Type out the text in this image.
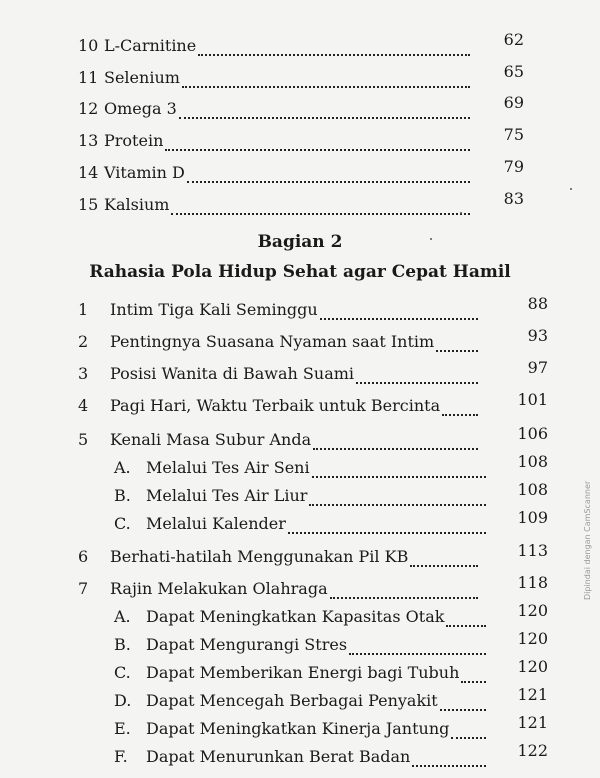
10 L-Carnitine	62
11 Selenium	65
12 Omega 3	69
13 Protein	75
14 Vitamin D	79
15 Kalsium	83
Bagian 2
Rahasia Pola Hidup Sehat agar Cepat Hamil
1 Intim Tiga Kali Seminggu	88
2 Pentingnya Suasana Nyaman saat Intim	93
3 Posisi Wanita di Bawah Suami	97
4 Pagi Hari, Waktu Terbaik untuk Bercinta	101
5 Kenali Masa Subur Anda	106
A. Melalui Tes Air Seni	108
B. Melalui Tes Air Liur	108
C. Melalui Kalender	109
6 Berhati-hatilah Menggunakan Pil KB	113
7 Rajin Melakukan Olahraga	118
A. Dapat Meningkatkan Kapasitas Otak	120
B. Dapat Mengurangi Stres	120
C. Dapat Memberikan Energi bagi Tubuh	120
D. Dapat Mencegah Berbagai Penyakit	121
E. Dapat Meningkatkan Kinerja Jantung	121
F. Dapat Menurunkan Berat Badan	122
Dipindai dengan CamScanner
